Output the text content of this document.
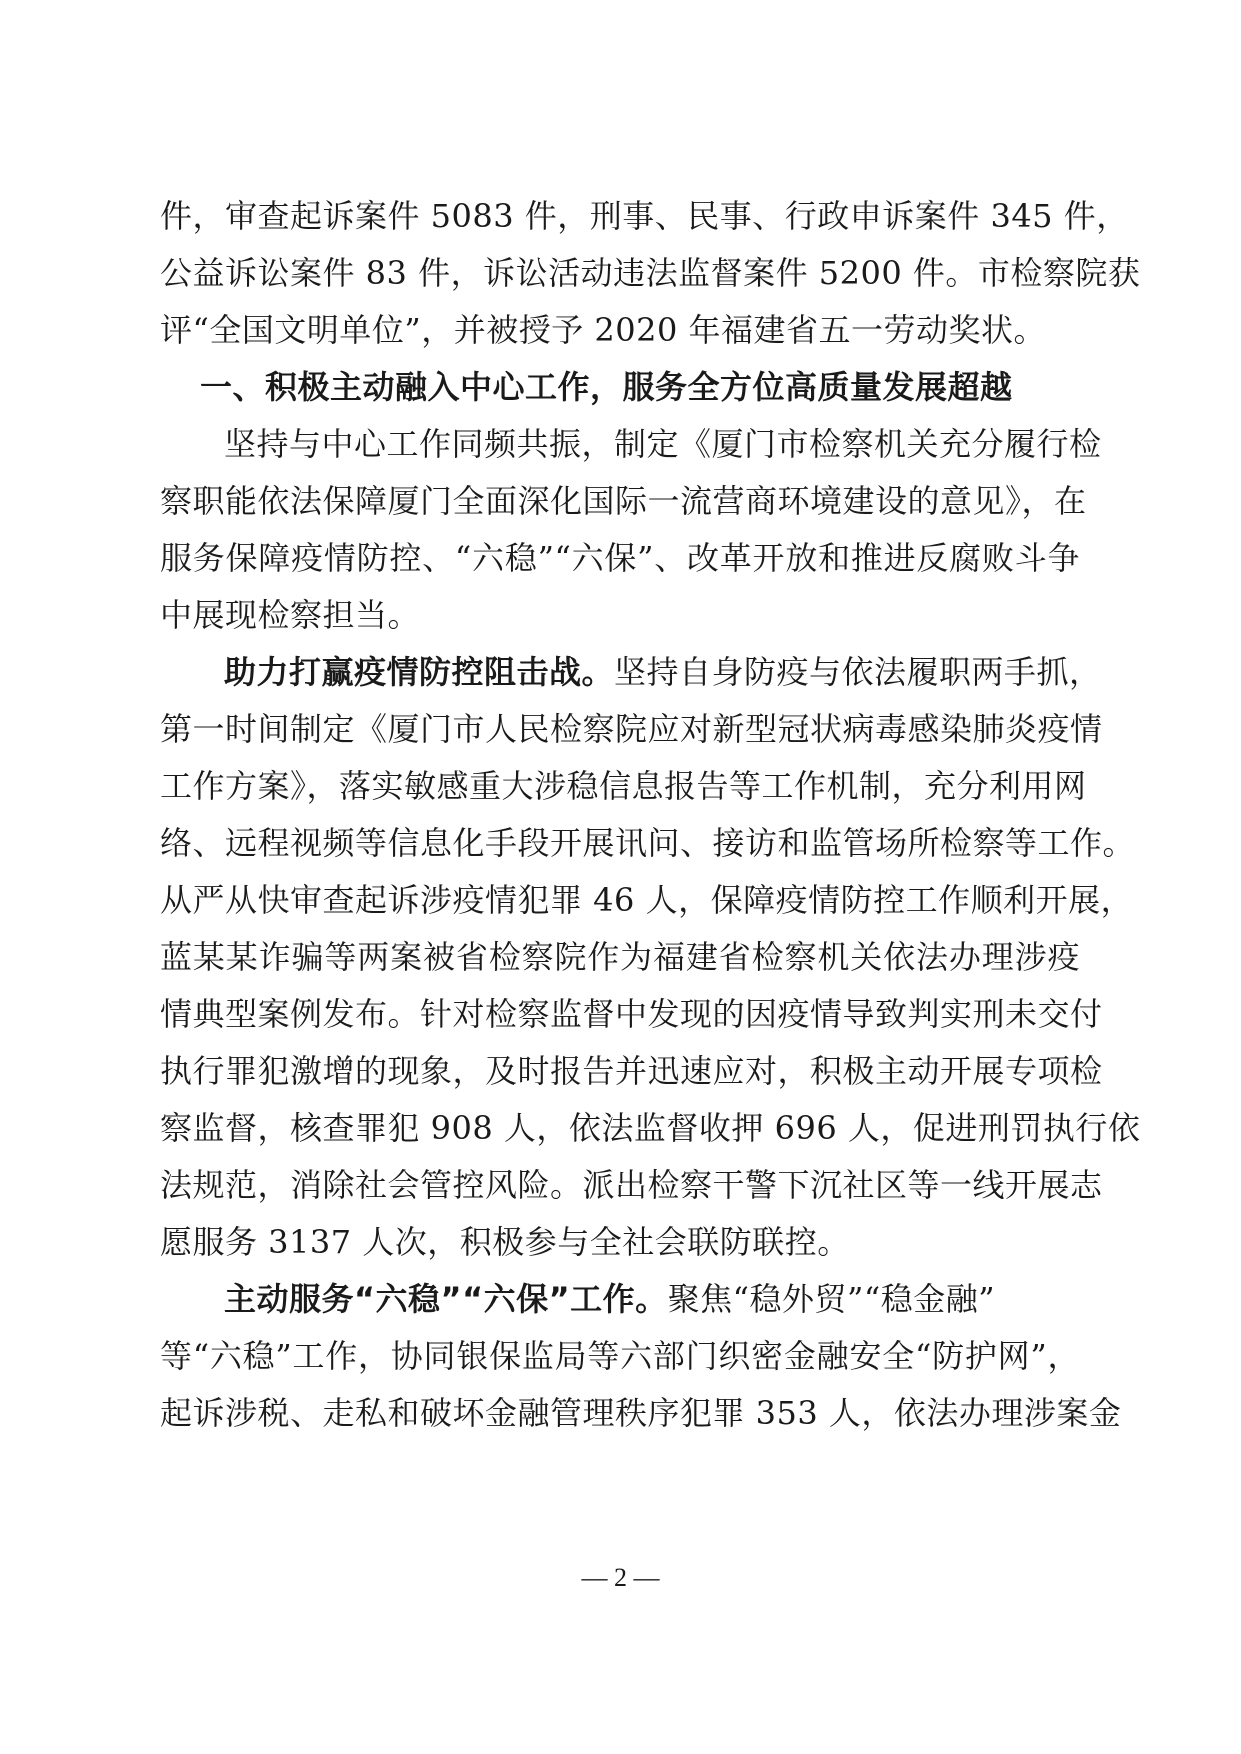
件，审查起诉案件 5083 件，刑事、民事、行政申诉案件 345 件，
公益诉讼案件 83 件，诉讼活动违法监督案件 5200 件。市检察院获
评“全国文明单位”，并被授予 2020 年福建省五一劳动奖状。
一、积极主动融入中心工作，服务全方位高质量发展超越
坚持与中心工作同频共振，制定《厦门市检察机关充分履行检
察职能依法保障厦门全面深化国际一流营商环境建设的意见》，在
服务保障疫情防控、“六稳”“六保”、改革开放和推进反腐败斗争
中展现检察担当。
助力打赢疫情防控阻击战。坚持自身防疫与依法履职两手抓，
第一时间制定《厦门市人民检察院应对新型冠状病毒感染肺炎疫情
工作方案》，落实敏感重大涉稳信息报告等工作机制，充分利用网
络、远程视频等信息化手段开展讯问、接访和监管场所检察等工作。
从严从快审查起诉涉疫情犯罪 46 人，保障疫情防控工作顺利开展，
蓝某某诈骗等两案被省检察院作为福建省检察机关依法办理涉疫
情典型案例发布。针对检察监督中发现的因疫情导致判实刑未交付
执行罪犯激增的现象，及时报告并迅速应对，积极主动开展专项检
察监督，核查罪犯 908 人，依法监督收押 696 人，促进刑罚执行依
法规范，消除社会管控风险。派出检察干警下沉社区等一线开展志
愿服务 3137 人次，积极参与全社会联防联控。
主动服务“六稳”“六保”工作。聚焦“稳外贸”“稳金融”
等“六稳”工作，协同银保监局等六部门织密金融安全“防护网”，
起诉涉税、走私和破坏金融管理秩序犯罪 353 人，依法办理涉案金
— 2 —
